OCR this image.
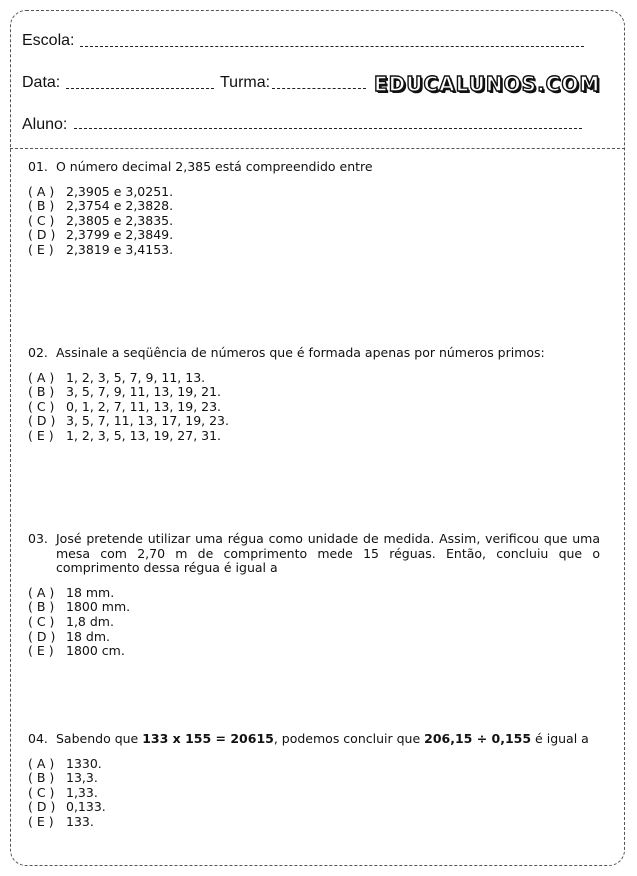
Escola:
Data:	Turma:	EDUCALUNOS.COM
Aluno:
01. O número decimal 2,385 está compreendido entre
( A ) 2,3905 e 3,0251.
( B ) 2,3754 e 2,3828.
( C ) 2,3805 e 2,3835.
( D ) 2,3799 e 2,3849.
( E ) 2,3819 e 3,4153.
02. Assinale a seqüência de números que é formada apenas por números primos:
( A ) 1, 2, 3, 5, 7, 9, 11, 13.
( B ) 3, 5, 7, 9, 11, 13, 19, 21.
( C ) 0, 1, 2, 7, 11, 13, 19, 23.
( D ) 3, 5, 7, 11, 13, 17, 19, 23.
( E ) 1, 2, 3, 5, 13, 19, 27, 31.
03. José pretende utilizar uma régua como unidade de medida. Assim, verificou que uma mesa com 2,70 m de comprimento mede 15 réguas. Então, concluiu que o comprimento dessa régua é igual a
( A ) 18 mm.
( B ) 1800 mm.
( C ) 1,8 dm.
( D ) 18 dm.
( E ) 1800 cm.
04. Sabendo que 133 x 155 = 20615, podemos concluir que 206,15 ÷ 0,155 é igual a
( A ) 1330.
( B ) 13,3.
( C ) 1,33.
( D ) 0,133.
( E ) 133.
